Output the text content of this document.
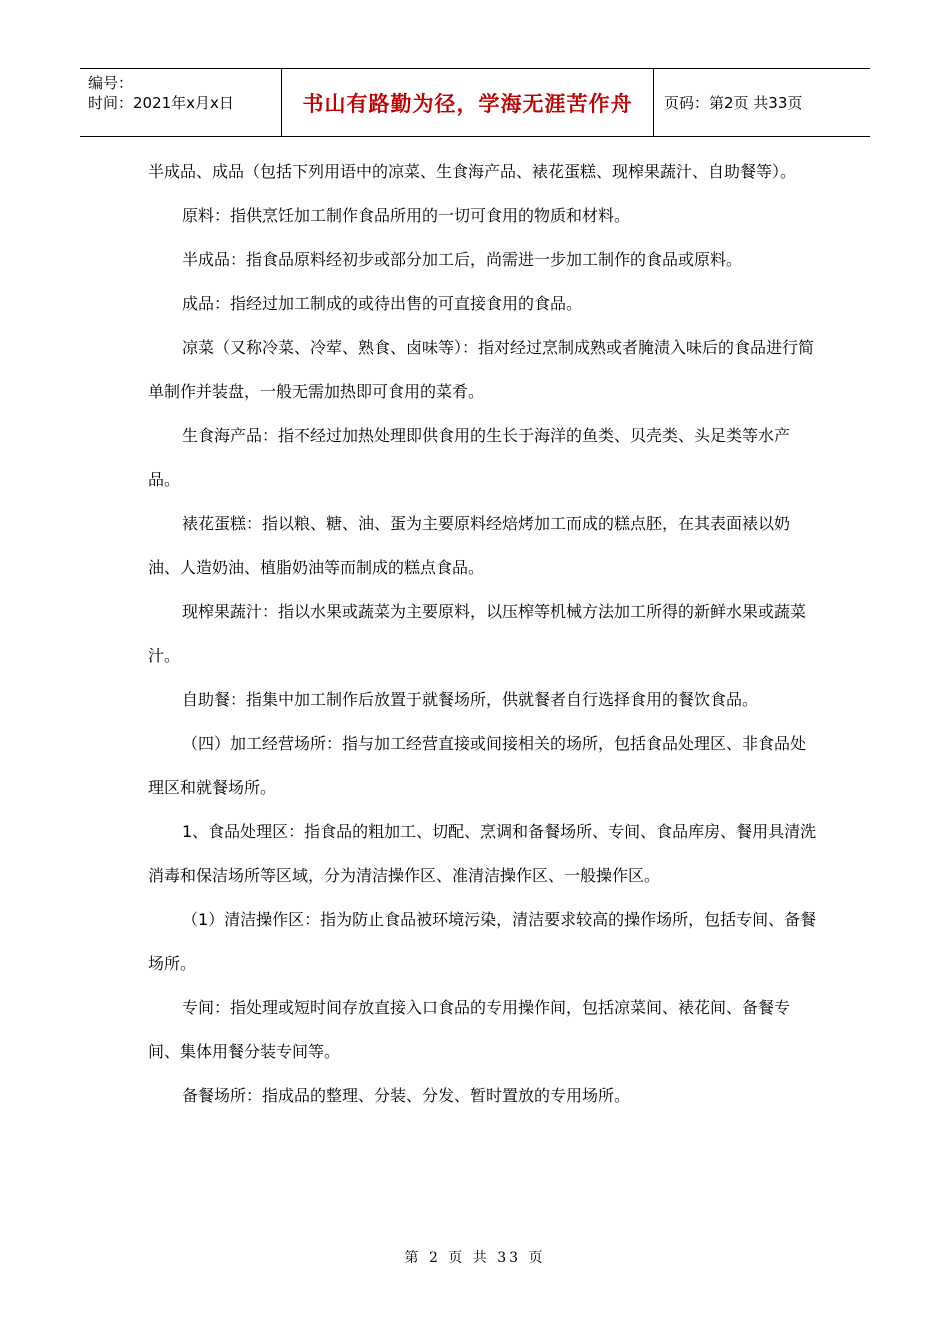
编号：
时间：2021年x月x日	书山有路勤为径，学海无涯苦作舟	页码：第2页 共33页

半成品、成品（包括下列用语中的凉菜、生食海产品、裱花蛋糕、现榨果蔬汁、自助餐等）。

原料：指供烹饪加工制作食品所用的一切可食用的物质和材料。

半成品：指食品原料经初步或部分加工后，尚需进一步加工制作的食品或原料。

成品：指经过加工制成的或待出售的可直接食用的食品。

凉菜（又称冷菜、冷荤、熟食、卤味等）：指对经过烹制成熟或者腌渍入味后的食品进行简单制作并装盘，一般无需加热即可食用的菜肴。

生食海产品：指不经过加热处理即供食用的生长于海洋的鱼类、贝壳类、头足类等水产品。

裱花蛋糕：指以粮、糖、油、蛋为主要原料经焙烤加工而成的糕点胚，在其表面裱以奶油、人造奶油、植脂奶油等而制成的糕点食品。

现榨果蔬汁：指以水果或蔬菜为主要原料，以压榨等机械方法加工所得的新鲜水果或蔬菜汁。

自助餐：指集中加工制作后放置于就餐场所，供就餐者自行选择食用的餐饮食品。

（四）加工经营场所：指与加工经营直接或间接相关的场所，包括食品处理区、非食品处理区和就餐场所。

1、食品处理区：指食品的粗加工、切配、烹调和备餐场所、专间、食品库房、餐用具清洗消毒和保洁场所等区域，分为清洁操作区、准清洁操作区、一般操作区。

（1）清洁操作区：指为防止食品被环境污染，清洁要求较高的操作场所，包括专间、备餐场所。

专间：指处理或短时间存放直接入口食品的专用操作间，包括凉菜间、裱花间、备餐专间、集体用餐分装专间等。

备餐场所：指成品的整理、分装、分发、暂时置放的专用场所。

第 2 页 共 33 页
